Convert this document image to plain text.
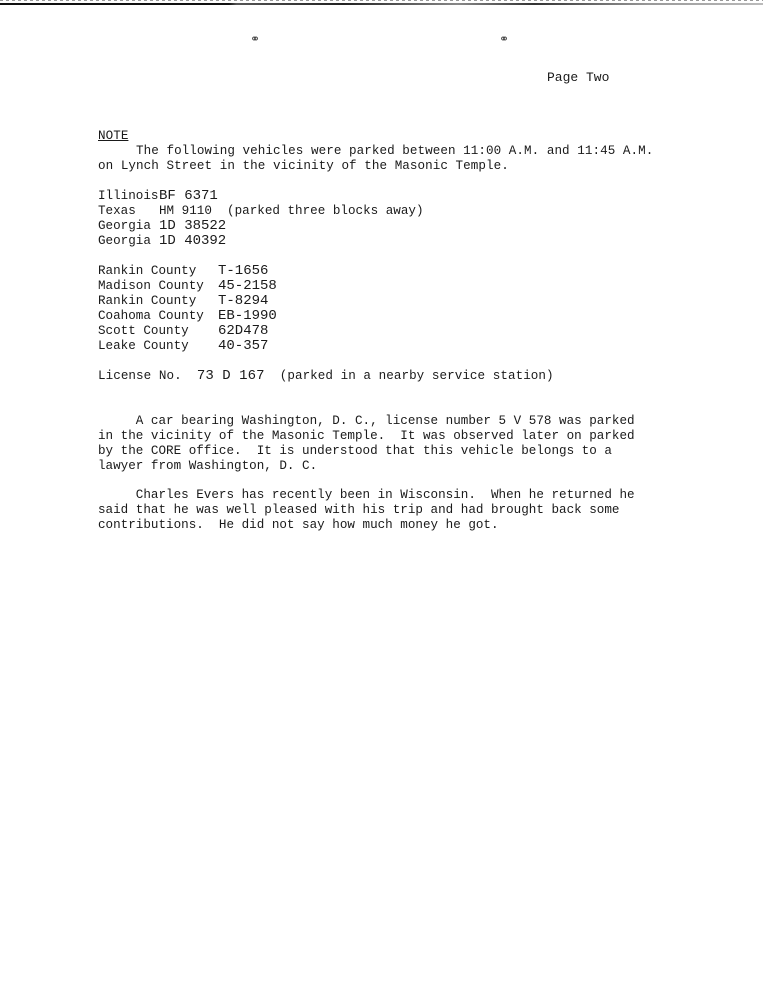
⚭	⚭
Page Two
NOTE
The following vehicles were parked between 11:00 A.M. and 11:45 A.M.
on Lynch Street in the vicinity of the Masonic Temple.
Illinois BF 6371
Texas	HM 9110
(parked three blocks away)
Georgia 1D 38522
Georgia 1D 40392
Rankin County	T-1656
Madison County	45-2158
Rankin County	T-8294
Coahoma County	EB-1990
Scott County	62D478
Leake County	40-357
License No. 73 D 167 (parked in a nearby service station)
A car bearing Washington, D. C., license number 5 V 578 was parked
in the vicinity of the Masonic Temple.  It was observed later on parked
by the CORE office.  It is understood that this vehicle belongs to a
lawyer from Washington, D. C.
Charles Evers has recently been in Wisconsin.  When he returned he
said that he was well pleased with his trip and had brought back some
contributions.  He did not say how much money he got.
